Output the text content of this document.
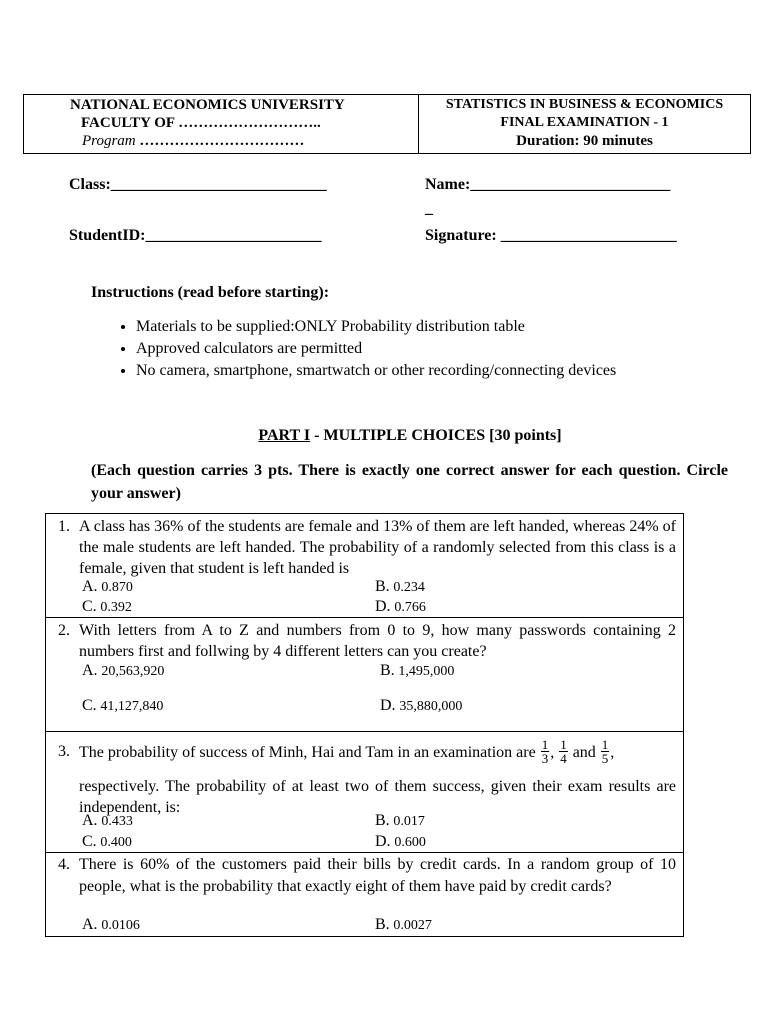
NATIONAL ECONOMICS UNIVERSITY
FACULTY OF ………………………..
Program ……………………………
STATISTICS IN BUSINESS & ECONOMICS
FINAL EXAMINATION - 1
Duration: 90 minutes
Class:___________________________	Name:_________________________
_
StudentID:______________________	Signature: ______________________
Instructions (read before starting):
• Materials to be supplied:ONLY Probability distribution table
• Approved calculators are permitted
• No camera, smartphone, smartwatch or other recording/connecting devices
PART I - MULTIPLE CHOICES [30 points]
(Each question carries 3 pts. There is exactly one correct answer for each question. Circle your answer)
1. A class has 36% of the students are female and 13% of them are left handed, whereas 24% of the male students are left handed. The probability of a randomly selected from this class is a female, given that student is left handed is
A. 0.870	B. 0.234
C. 0.392	D. 0.766
2. With letters from A to Z and numbers from 0 to 9, how many passwords containing 2 numbers first and follwing by 4 different letters can you create?
A. 20,563,920	B. 1,495,000
C. 41,127,840	D. 35,880,000
3. The probability of success of Minh, Hai and Tam in an examination are $\frac{1}{3}$ , $\frac{1}{4}$ and $\frac{1}{5}$ ,
respectively. The probability of at least two of them success, given their exam results are independent, is:
A. 0.433	B. 0.017
C. 0.400	D. 0.600
4. There is 60% of the customers paid their bills by credit cards. In a random group of 10 people, what is the probability that exactly eight of them have paid by credit cards?
A. 0.0106	B. 0.0027
